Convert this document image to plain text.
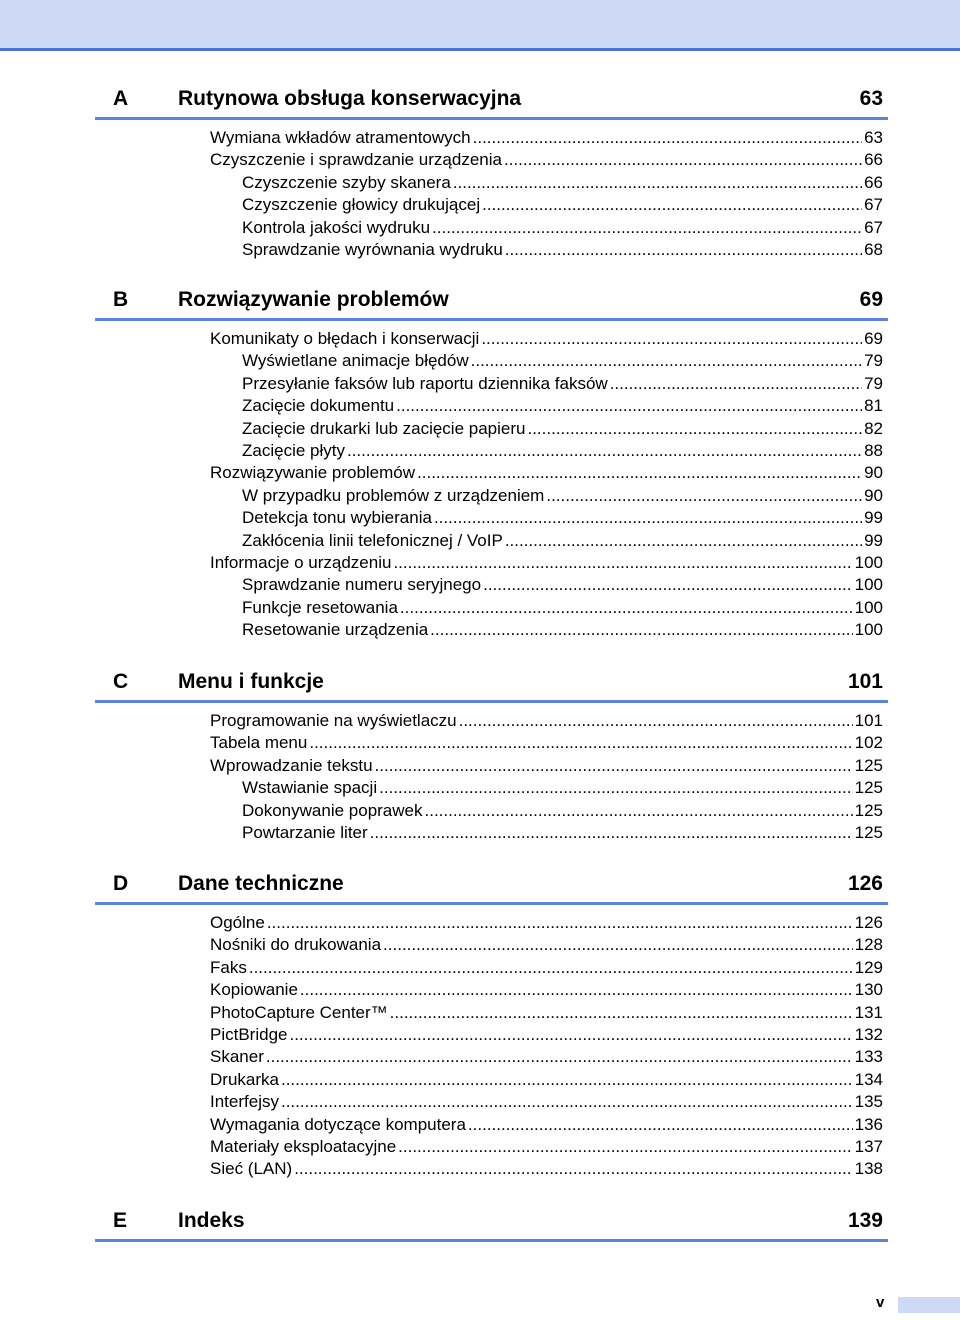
A Rutynowa obsługa konserwacyjna	63
Wymiana wkładów atramentowych .....	63
Czyszczenie i sprawdzanie urządzenia .....	66
Czyszczenie szyby skanera .....	66
Czyszczenie głowicy drukującej .....	67
Kontrola jakości wydruku .....	67
Sprawdzanie wyrównania wydruku .....	68
B Rozwiązywanie problemów	69
Komunikaty o błędach i konserwacji .....	69
Wyświetlane animacje błędów .....	79
Przesyłanie faksów lub raportu dziennika faksów .....	79
Zacięcie dokumentu .....	81
Zacięcie drukarki lub zacięcie papieru .....	82
Zacięcie płyty .....	88
Rozwiązywanie problemów .....	90
W przypadku problemów z urządzeniem .....	90
Detekcja tonu wybierania .....	99
Zakłócenia linii telefonicznej / VoIP .....	99
Informacje o urządzeniu .....	100
Sprawdzanie numeru seryjnego .....	100
Funkcje resetowania .....	100
Resetowanie urządzenia .....	100
C Menu i funkcje	101
Programowanie na wyświetlaczu .....	101
Tabela menu .....	102
Wprowadzanie tekstu .....	125
Wstawianie spacji .....	125
Dokonywanie poprawek .....	125
Powtarzanie liter .....	125
D Dane techniczne	126
Ogólne .....	126
Nośniki do drukowania .....	128
Faks .....	129
Kopiowanie .....	130
PhotoCapture Center™ .....	131
PictBridge .....	132
Skaner .....	133
Drukarka .....	134
Interfejsy .....	135
Wymagania dotyczące komputera .....	136
Materiały eksploatacyjne .....	137
Sieć (LAN) .....	138
E Indeks	139
v
